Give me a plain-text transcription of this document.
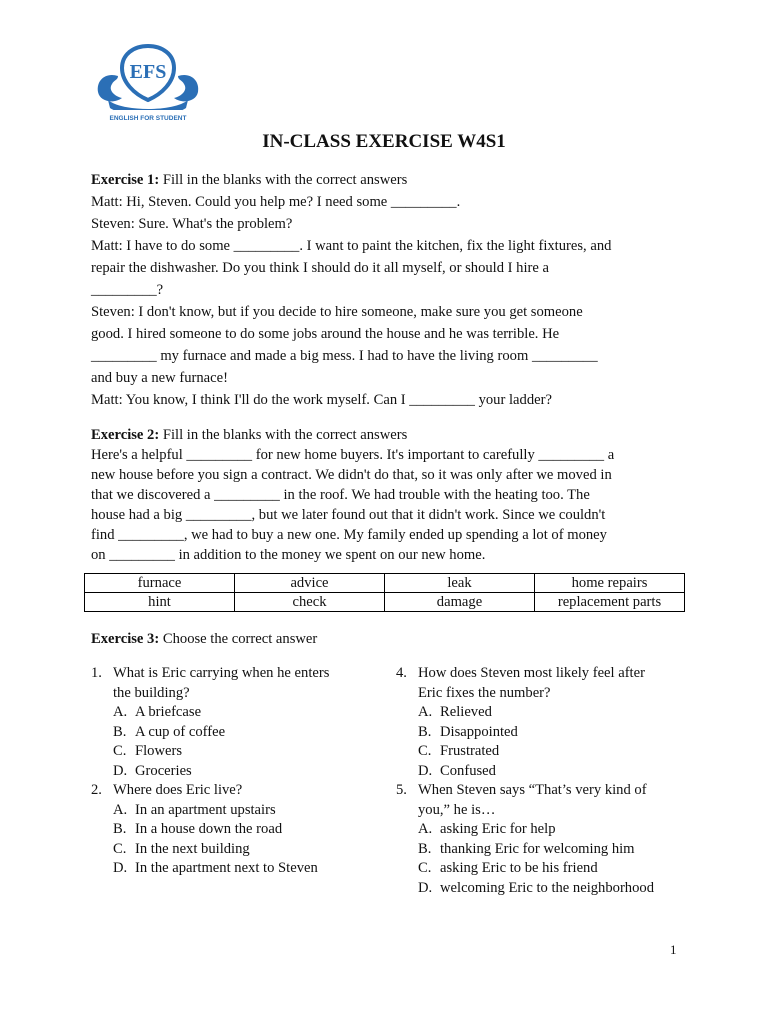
EFS
ENGLISH FOR STUDENT
IN-CLASS EXERCISE W4S1
Exercise 1: Fill in the blanks with the correct answers
Matt: Hi, Steven. Could you help me? I need some _________.
Steven: Sure. What's the problem?
Matt: I have to do some _________. I want to paint the kitchen, fix the light fixtures, and
repair the dishwasher. Do you think I should do it all myself, or should I hire a
_________?
Steven: I don't know, but if you decide to hire someone, make sure you get someone
good. I hired someone to do some jobs around the house and he was terrible. He
_________ my furnace and made a big mess. I had to have the living room _________
and buy a new furnace!
Matt: You know, I think I'll do the work myself. Can I _________ your ladder?
Exercise 2: Fill in the blanks with the correct answers
Here's a helpful _________ for new home buyers. It's important to carefully _________ a
new house before you sign a contract. We didn't do that, so it was only after we moved in
that we discovered a _________ in the roof. We had trouble with the heating too. The
house had a big _________, but we later found out that it didn't work. Since we couldn't
find _________, we had to buy a new one. My family ended up spending a lot of money
on _________ in addition to the money we spent on our new home.
furnace	advice	leak	home repairs
hint	check	damage	replacement parts
Exercise 3: Choose the correct answer
1. What is Eric carrying when he enters
the building?
A. A briefcase
B. A cup of coffee
C. Flowers
D. Groceries
2. Where does Eric live?
A. In an apartment upstairs
B. In a house down the road
C. In the next building
D. In the apartment next to Steven
4. How does Steven most likely feel after
Eric fixes the number?
A. Relieved
B. Disappointed
C. Frustrated
D. Confused
5. When Steven says “That’s very kind of
you,” he is…
A. asking Eric for help
B. thanking Eric for welcoming him
C. asking Eric to be his friend
D. welcoming Eric to the neighborhood
1
